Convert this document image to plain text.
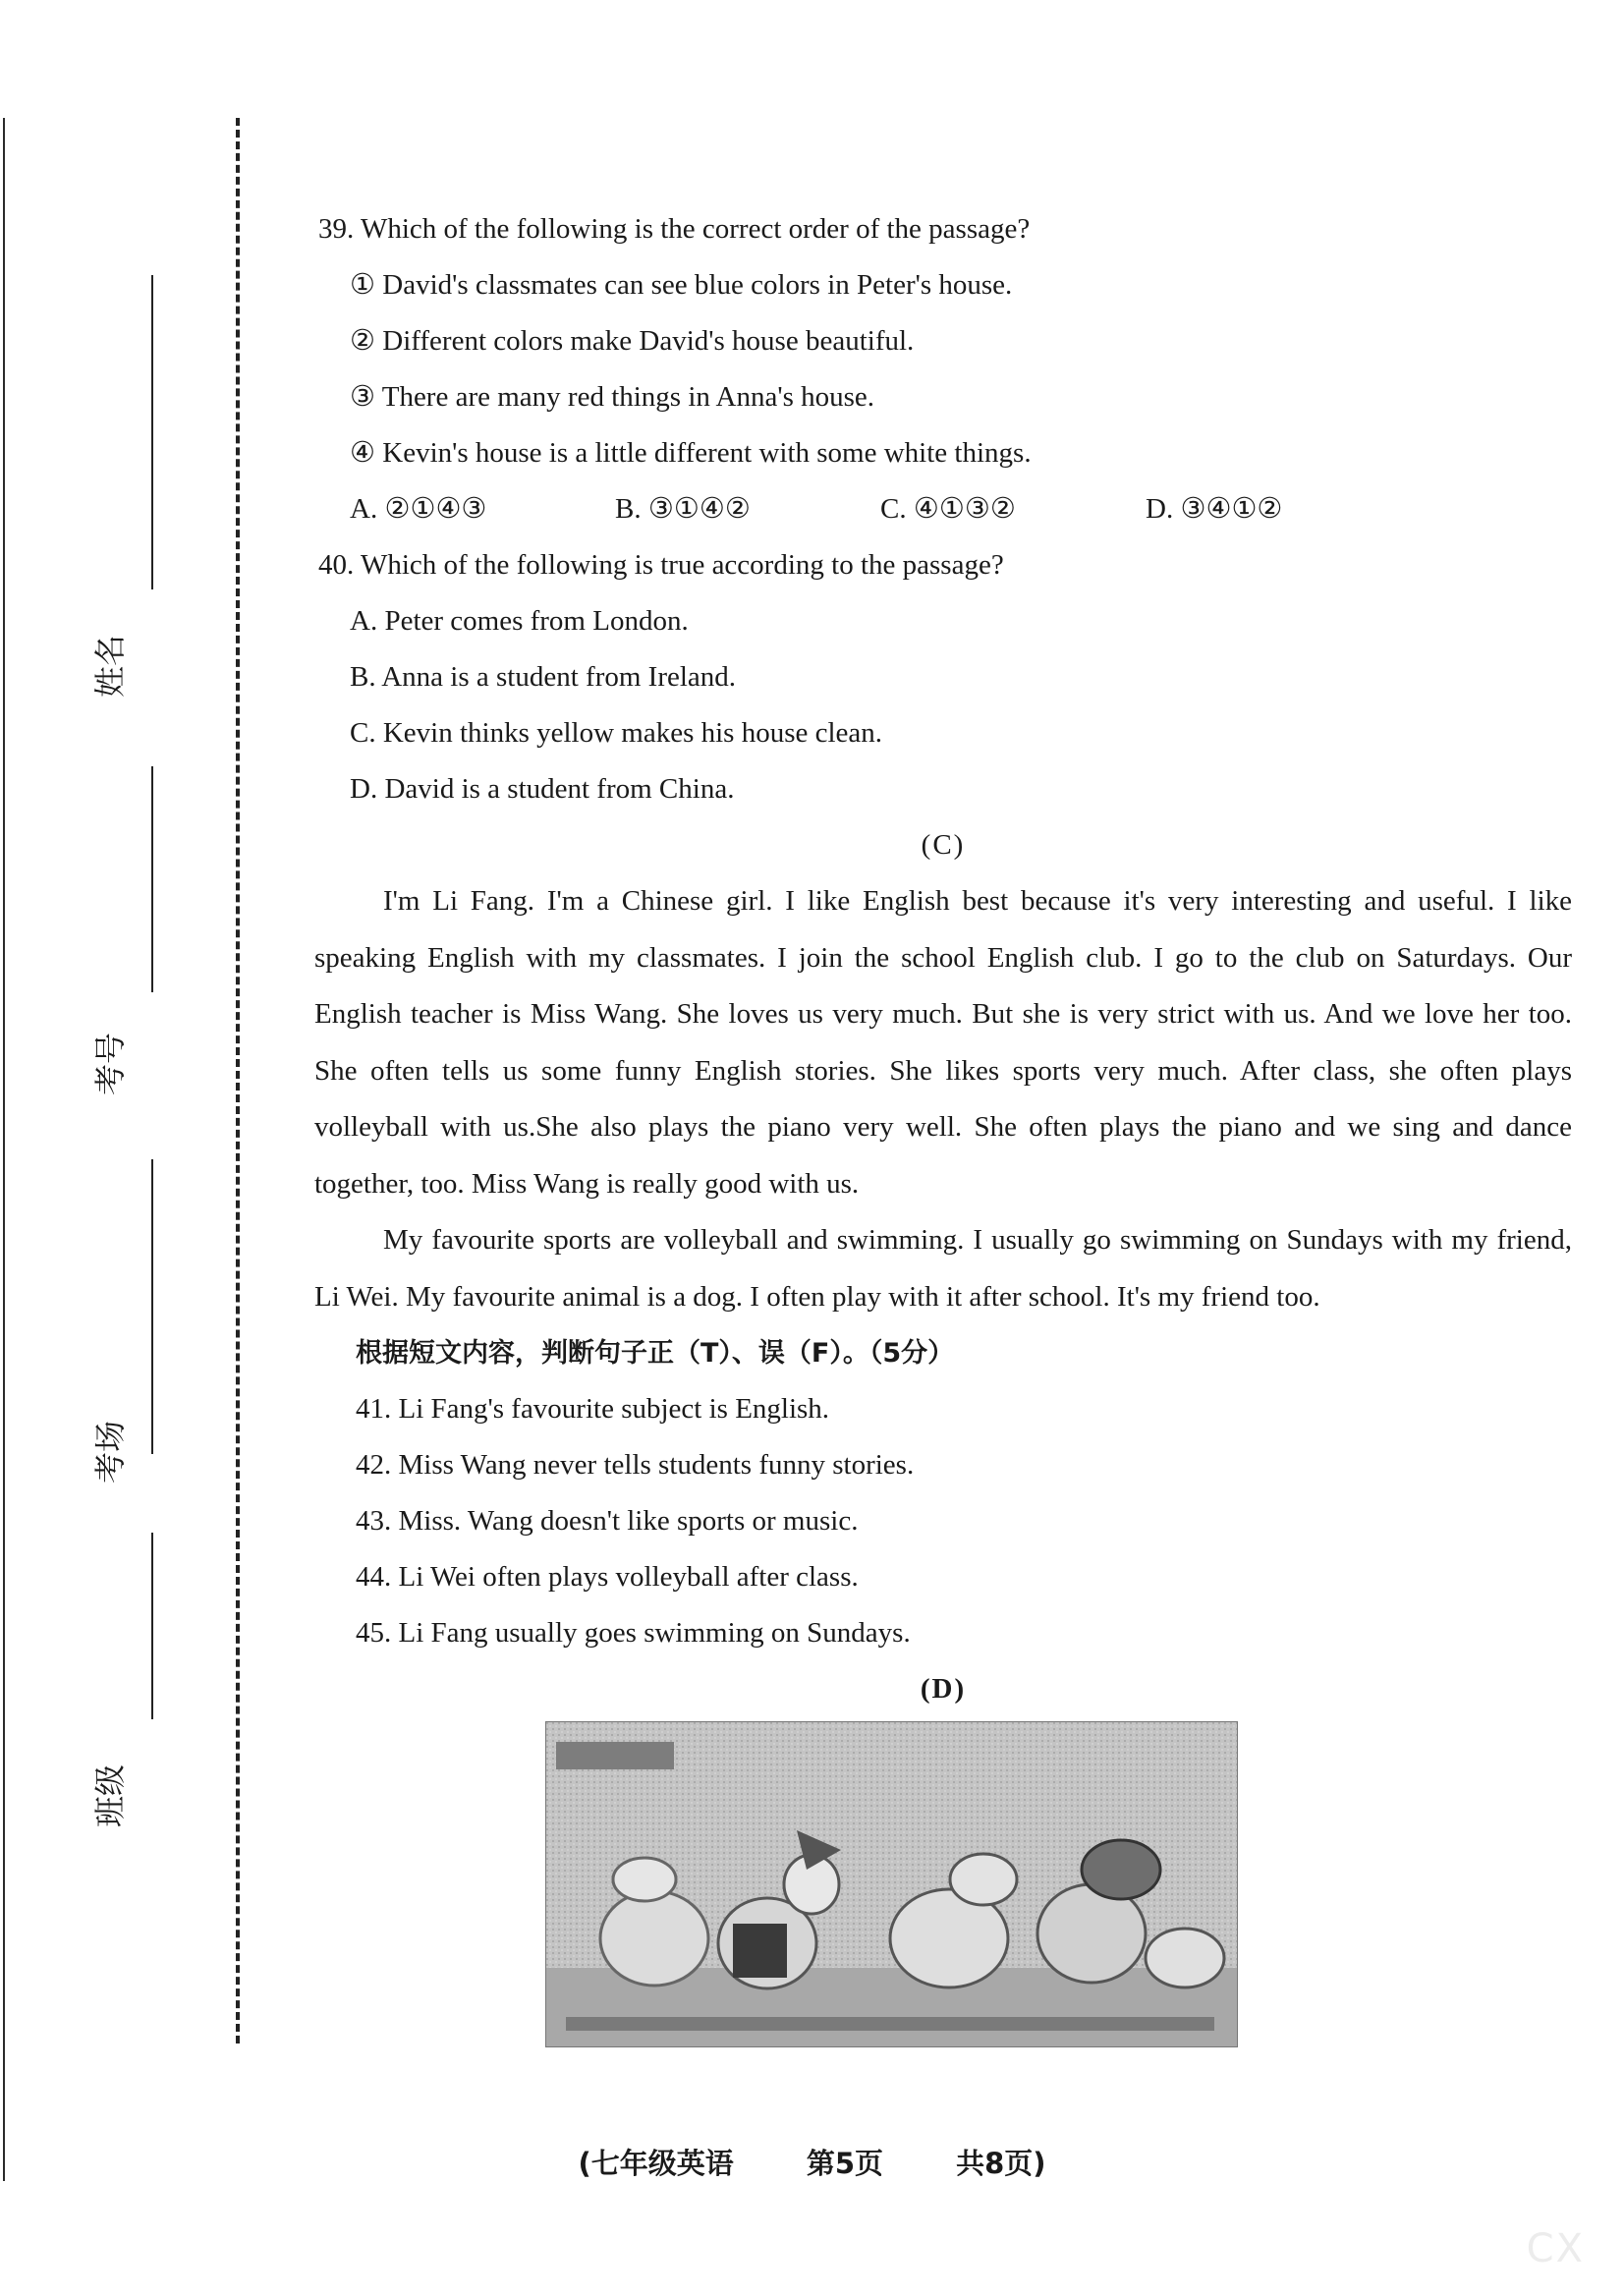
姓名
考号
考场
班级
39. Which of the following is the correct order of the passage?
① David's classmates can see blue colors in Peter's house.
② Different colors make David's house beautiful.
③ There are many red things in Anna's house.
④ Kevin's house is a little different with some white things.
A. ②①④③	B. ③①④②	C. ④①③②	D. ③④①②
40. Which of the following is true according to the passage?
A. Peter comes from London.
B. Anna is a student from Ireland.
C. Kevin thinks yellow makes his house clean.
D. David is a student from China.
(C)

I'm Li Fang. I'm a Chinese girl. I like English best because it's very interesting and useful. I like speaking English with my classmates. I join the school English club. I go to the club on Saturdays. Our English teacher is Miss Wang. She loves us very much. But she is very strict with us. And we love her too. She often tells us some funny English stories. She likes sports very much. After class, she often plays volleyball with us.She also plays the piano very well. She often plays the piano and we sing and dance together, too. Miss Wang is really good with us.

My favourite sports are volleyball and swimming. I usually go swimming on Sundays with my friend, Li Wei. My favourite animal is a dog. I often play with it after school. It's my friend too.

根据短文内容，判断句子正（T）、误（F）。（5分）
41. Li Fang's favourite subject is English.
42. Miss Wang never tells students funny stories.
43. Miss. Wang doesn't like sports or music.
44. Li Wei often plays volleyball after class.
45. Li Fang usually goes swimming on Sundays.
(D)
(七年级英语	第5页	共8页)
CX
